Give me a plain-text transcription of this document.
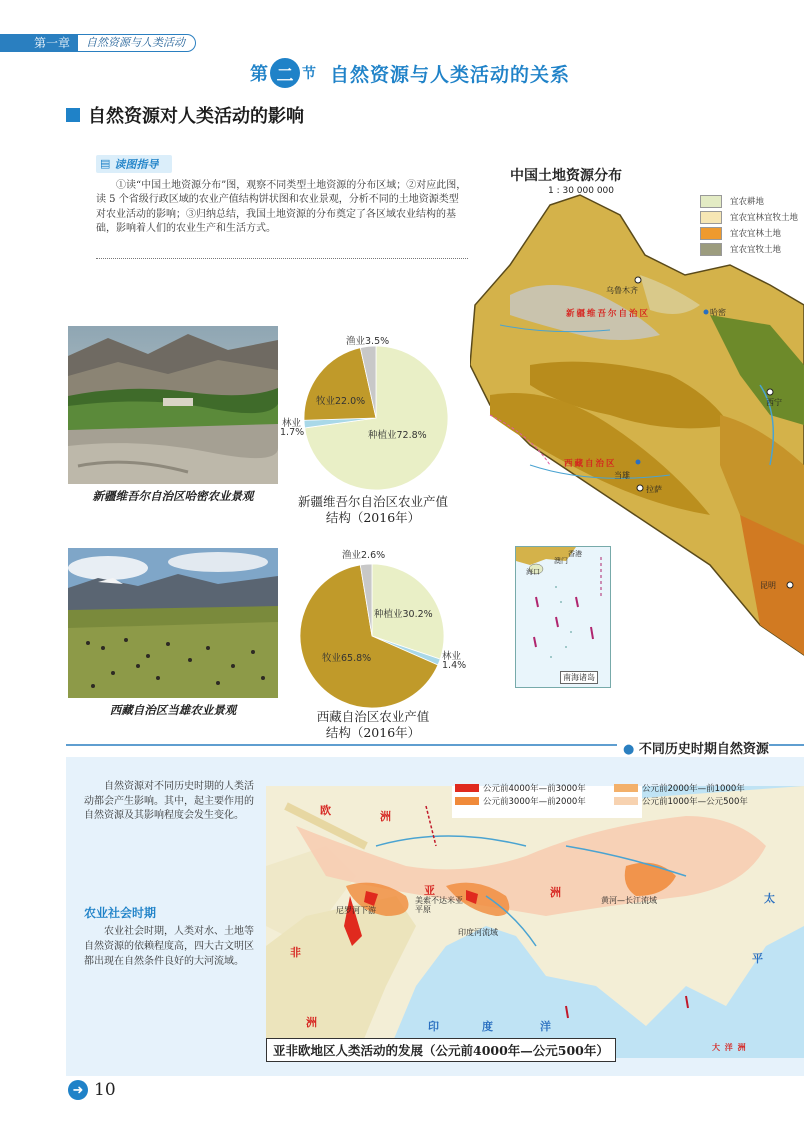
第一章	自然资源与人类活动
第 二 节 自然资源与人类活动的关系
自然资源对人类活动的影响
▤ 读图指导
①读“中国土地资源分布”图，观察不同类型土地资源的分布区域；②对应此图，读 5 个省级行政区域的农业产值结构饼状图和农业景观，分析不同的土地资源类型对农业活动的影响；③归纳总结，我国土地资源的分布奠定了各区域农业结构的基础，影响着人们的农业生产和生活方式。
新疆维吾尔自治区哈密农业景观
渔业3.5%
牧业22.0%
林业
1.7%	种植业72.8%
新疆维吾尔自治区农业产值
结构（2016年）
西藏自治区当雄农业景观
渔业2.6%
种植业30.2%
林业
1.4%
牧业65.8%
西藏自治区农业产值
结构（2016年）
乌鲁木齐
新疆维吾尔自治区	哈密
西宁
西藏自治区
当雄
拉萨
昆明
中国土地资源分布
1 : 30 000 000
宜农耕地
宜农宜林宜牧土地
宜农宜林土地
宜农宜牧土地
香港
澳门
海口
南海诸岛
● 不同历史时期自然资源
自然资源对不同历史时期的人类活动都会产生影响。其中，起主要作用的自然资源及其影响程度会发生变化。
农业社会时期
农业社会时期，人类对水、土地等自然资源的依赖程度高，四大古文明区都出现在自然条件良好的大河流域。
欧	洲
亚	洲
非
洲	印	度	洋
太
平
大 洋 洲
尼罗河下游
美索不达米亚平原
印度河流域
黄河—长江流域
公元前4000年—前3000年
公元前3000年—前2000年
公元前2000年—前1000年
公元前1000年—公元500年
亚非欧地区人类活动的发展（公元前4000年—公元500年）
➜ 10
